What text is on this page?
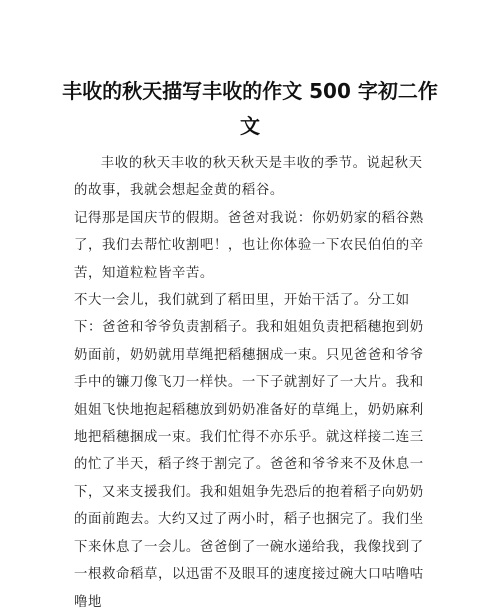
丰收的秋天描写丰收的作文 500 字初二作文

丰收的秋天丰收的秋天秋天是丰收的季节。说起秋天的故事，我就会想起金黄的稻谷。

记得那是国庆节的假期。爸爸对我说：你奶奶家的稻谷熟了，我们去帮忙收割吧！，也让你体验一下农民伯伯的辛苦，知道粒粒皆辛苦。

不大一会儿，我们就到了稻田里，开始干活了。分工如下：爸爸和爷爷负责割稻子。我和姐姐负责把稻穗抱到奶奶面前，奶奶就用草绳把稻穗捆成一束。只见爸爸和爷爷手中的镰刀像飞刀一样快。一下子就割好了一大片。我和姐姐飞快地抱起稻穗放到奶奶准备好的草绳上，奶奶麻利地把稻穗捆成一束。我们忙得不亦乐乎。就这样接二连三的忙了半天，稻子终于割完了。爸爸和爷爷来不及休息一下，又来支援我们。我和姐姐争先恐后的抱着稻子向奶奶的面前跑去。大约又过了两小时，稻子也捆完了。我们坐下来休息了一会儿。爸爸倒了一碗水递给我，我像找到了一根救命稻草，以迅雷不及眼耳的速度接过碗大口咕噜咕噜地
